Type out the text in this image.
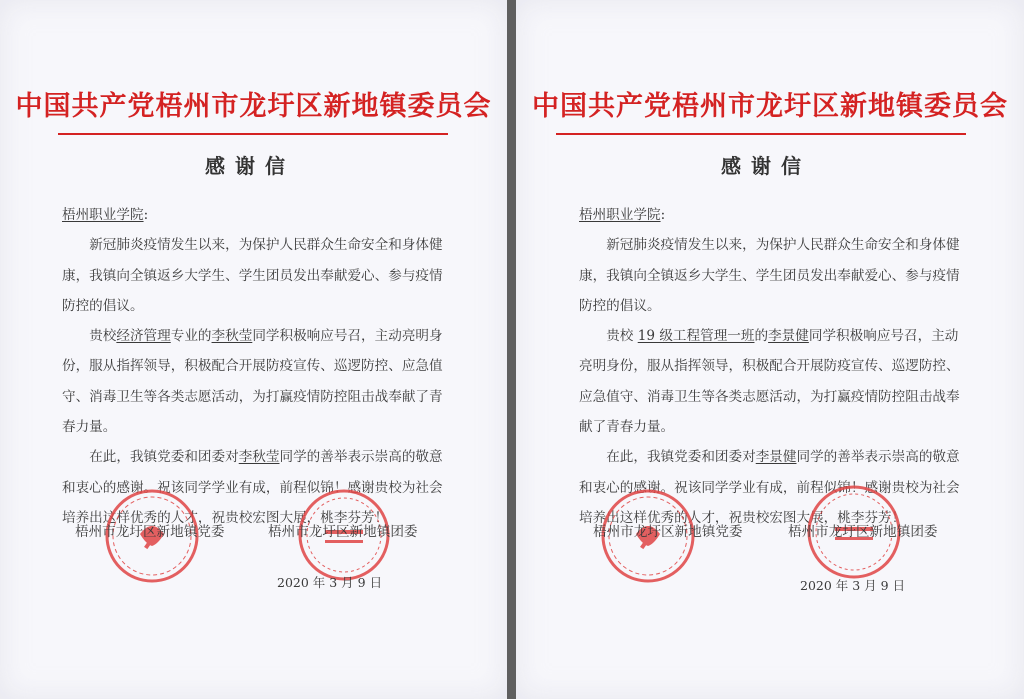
中国共产党梧州市龙圩区新地镇委员会
感谢信

梧州职业学院:

新冠肺炎疫情发生以来，为保护人民群众生命安全和身体健康，我镇向全镇返乡大学生、学生团员发出奉献爱心、参与疫情防控的倡议。

贵校经济管理专业的李秋莹同学积极响应号召，主动亮明身份，服从指挥领导，积极配合开展防疫宣传、巡逻防控、应急值守、消毒卫生等各类志愿活动，为打赢疫情防控阻击战奉献了青春力量。

在此，我镇党委和团委对李秋莹同学的善举表示崇高的敬意和衷心的感谢。祝该同学学业有成，前程似锦！感谢贵校为社会培养出这样优秀的人才，祝贵校宏图大展，桃李芬芳！

梧州市龙圩区新地镇党委	梧州市龙圩区新地镇团委
2020 年 3 月 9 日
中国共产党梧州市龙圩区新地镇委员会
感谢信

梧州职业学院:

新冠肺炎疫情发生以来，为保护人民群众生命安全和身体健康，我镇向全镇返乡大学生、学生团员发出奉献爱心、参与疫情防控的倡议。

贵校 19 级工程管理一班的李景健同学积极响应号召，主动亮明身份，服从指挥领导，积极配合开展防疫宣传、巡逻防控、应急值守、消毒卫生等各类志愿活动，为打赢疫情防控阻击战奉献了青春力量。

在此，我镇党委和团委对李景健同学的善举表示崇高的敬意和衷心的感谢。祝该同学学业有成，前程似锦！感谢贵校为社会培养出这样优秀的人才，祝贵校宏图大展，桃李芬芳！

梧州市龙圩区新地镇党委	梧州市龙圩区新地镇团委
2020 年 3 月 9 日
